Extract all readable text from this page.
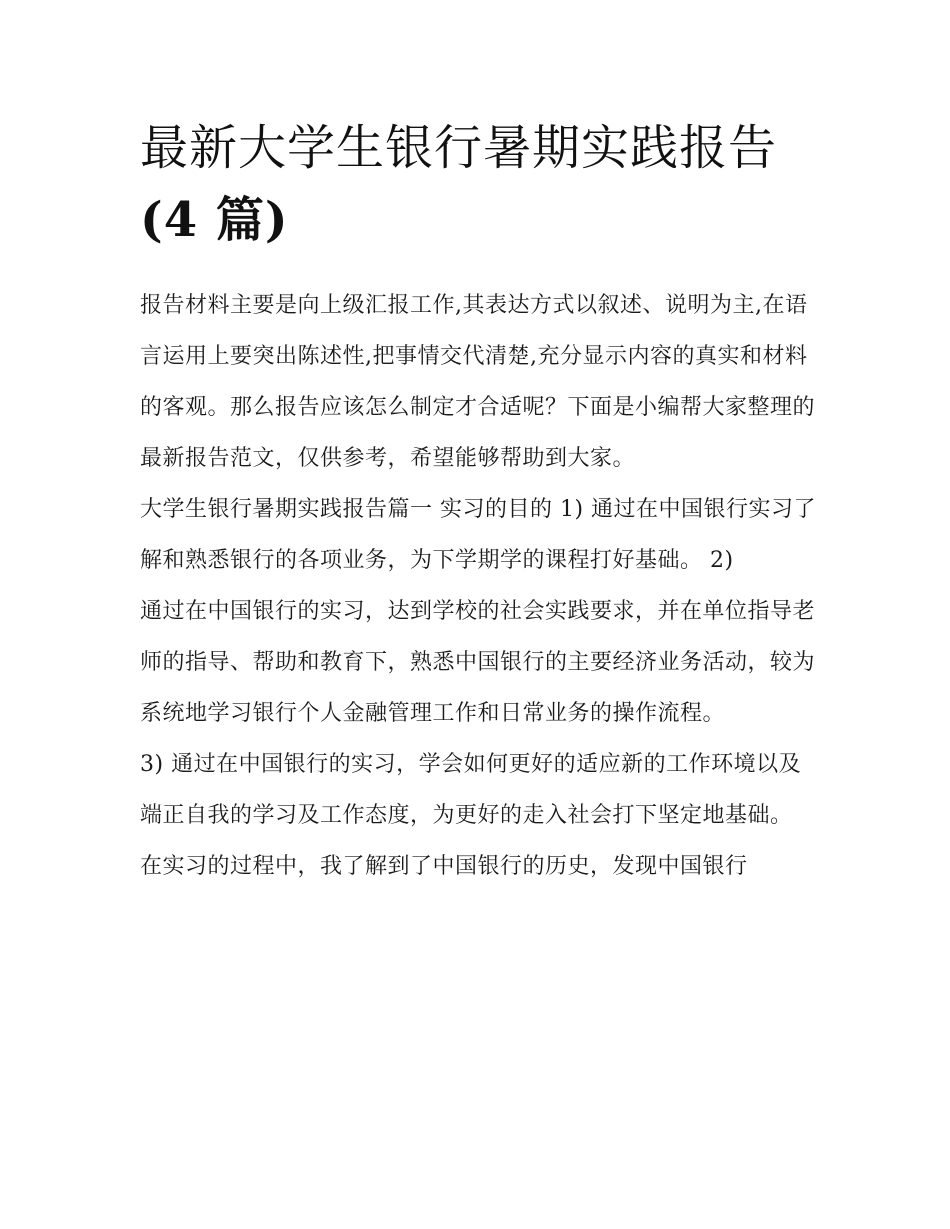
最新大学生银行暑期实践报告
(4 篇)

报告材料主要是向上级汇报工作,其表达方式以叙述、说明为主,在语言运用上要突出陈述性,把事情交代清楚,充分显示内容的真实和材料的客观。那么报告应该怎么制定才合适呢？下面是小编帮大家整理的最新报告范文，仅供参考，希望能够帮助到大家。

大学生银行暑期实践报告篇一 实习的目的 1) 通过在中国银行实习了解和熟悉银行的各项业务，为下学期学的课程打好基础。 2)

通过在中国银行的实习，达到学校的社会实践要求，并在单位指导老师的指导、帮助和教育下，熟悉中国银行的主要经济业务活动，较为系统地学习银行个人金融管理工作和日常业务的操作流程。

3) 通过在中国银行的实习，学会如何更好的适应新的工作环境以及端正自我的学习及工作态度，为更好的走入社会打下坚定地基础。

在实习的过程中，我了解到了中国银行的历史，发现中国银行
